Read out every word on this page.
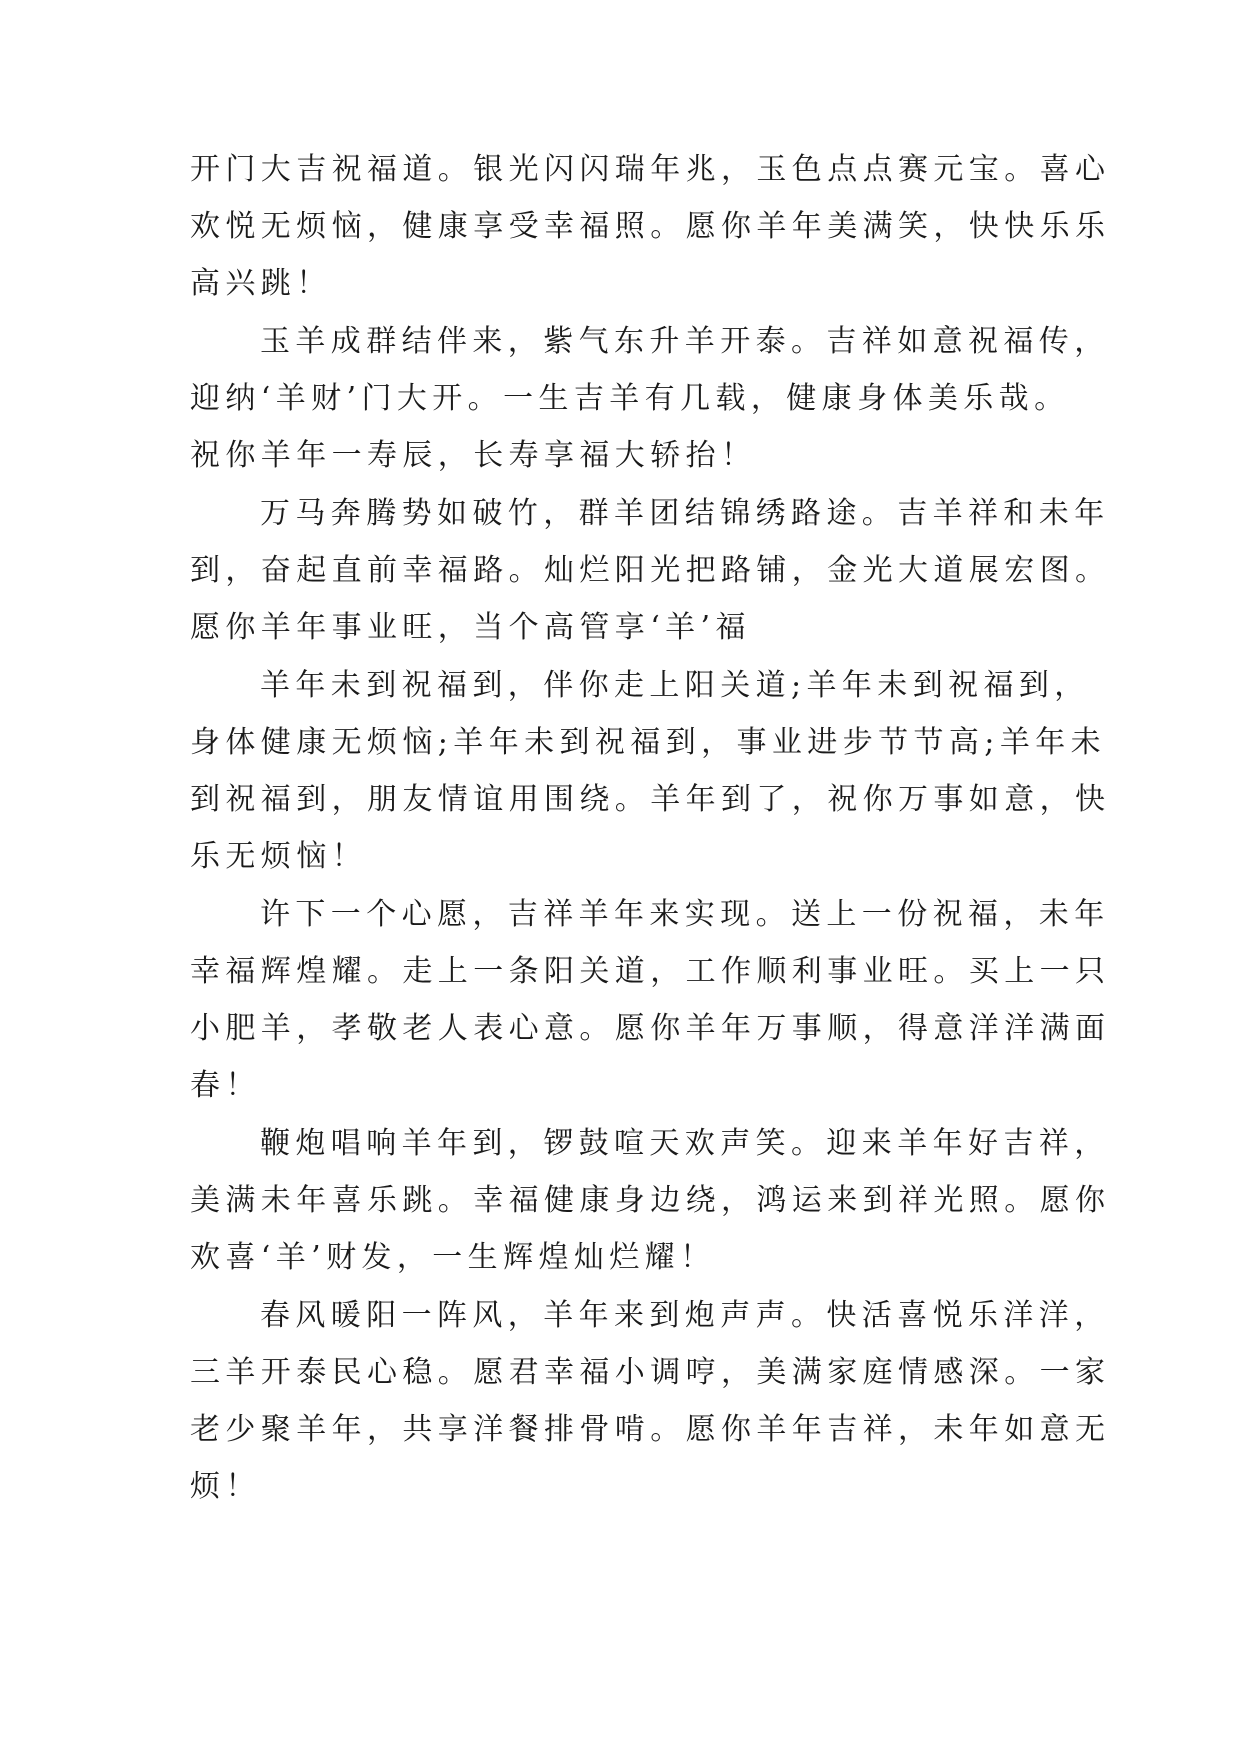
开门大吉祝福道。银光闪闪瑞年兆，玉色点点赛元宝。喜心
欢悦无烦恼，健康享受幸福照。愿你羊年美满笑，快快乐乐
高兴跳！
玉羊成群结伴来，紫气东升羊开泰。吉祥如意祝福传，
迎纳‘羊财’门大开。一生吉羊有几载，健康身体美乐哉。
祝你羊年一寿辰，长寿享福大轿抬！
万马奔腾势如破竹，群羊团结锦绣路途。吉羊祥和未年
到，奋起直前幸福路。灿烂阳光把路铺，金光大道展宏图。
愿你羊年事业旺，当个高管享‘羊’福
羊年未到祝福到，伴你走上阳关道;羊年未到祝福到，
身体健康无烦恼;羊年未到祝福到，事业进步节节高;羊年未
到祝福到，朋友情谊用围绕。羊年到了，祝你万事如意，快
乐无烦恼！
许下一个心愿，吉祥羊年来实现。送上一份祝福，未年
幸福辉煌耀。走上一条阳关道，工作顺利事业旺。买上一只
小肥羊，孝敬老人表心意。愿你羊年万事顺，得意洋洋满面
春！
鞭炮唱响羊年到，锣鼓喧天欢声笑。迎来羊年好吉祥，
美满未年喜乐跳。幸福健康身边绕，鸿运来到祥光照。愿你
欢喜‘羊’财发，一生辉煌灿烂耀！
春风暖阳一阵风，羊年来到炮声声。快活喜悦乐洋洋，
三羊开泰民心稳。愿君幸福小调哼，美满家庭情感深。一家
老少聚羊年，共享洋餐排骨啃。愿你羊年吉祥，未年如意无
烦！
